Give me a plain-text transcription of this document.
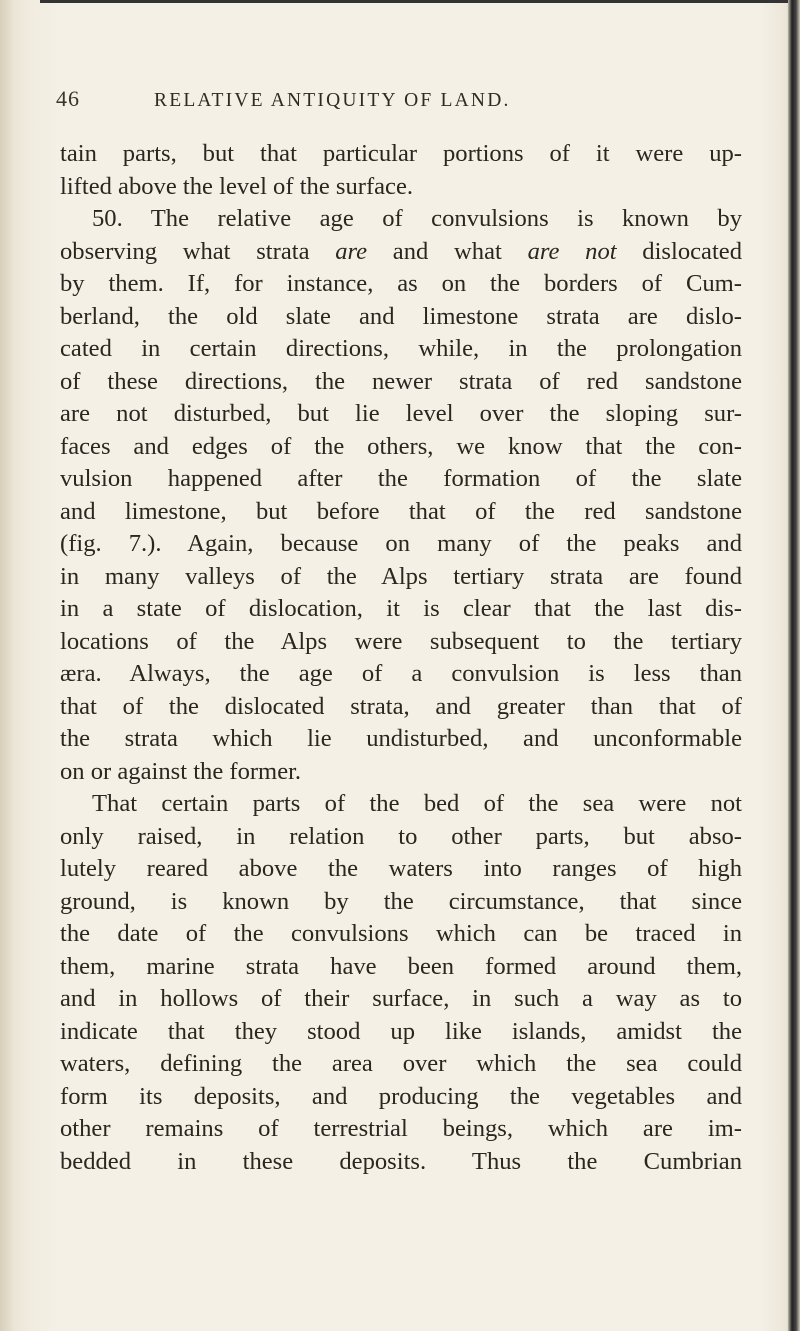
46	RELATIVE ANTIQUITY OF LAND.
tain parts, but that particular portions of it were up-
lifted above the level of the surface.
50. The relative age of convulsions is known by
observing what strata are and what are not dislocated
by them. If, for instance, as on the borders of Cum-
berland, the old slate and limestone strata are dislo-
cated in certain directions, while, in the prolongation
of these directions, the newer strata of red sandstone
are not disturbed, but lie level over the sloping sur-
faces and edges of the others, we know that the con-
vulsion happened after the formation of the slate
and limestone, but before that of the red sandstone
(fig. 7.). Again, because on many of the peaks and
in many valleys of the Alps tertiary strata are found
in a state of dislocation, it is clear that the last dis-
locations of the Alps were subsequent to the tertiary
æra. Always, the age of a convulsion is less than
that of the dislocated strata, and greater than that of
the strata which lie undisturbed, and unconformable
on or against the former.
That certain parts of the bed of the sea were not
only raised, in relation to other parts, but abso-
lutely reared above the waters into ranges of high
ground, is known by the circumstance, that since
the date of the convulsions which can be traced in
them, marine strata have been formed around them,
and in hollows of their surface, in such a way as to
indicate that they stood up like islands, amidst the
waters, defining the area over which the sea could
form its deposits, and producing the vegetables and
other remains of terrestrial beings, which are im-
bedded in these deposits. Thus the Cumbrian
